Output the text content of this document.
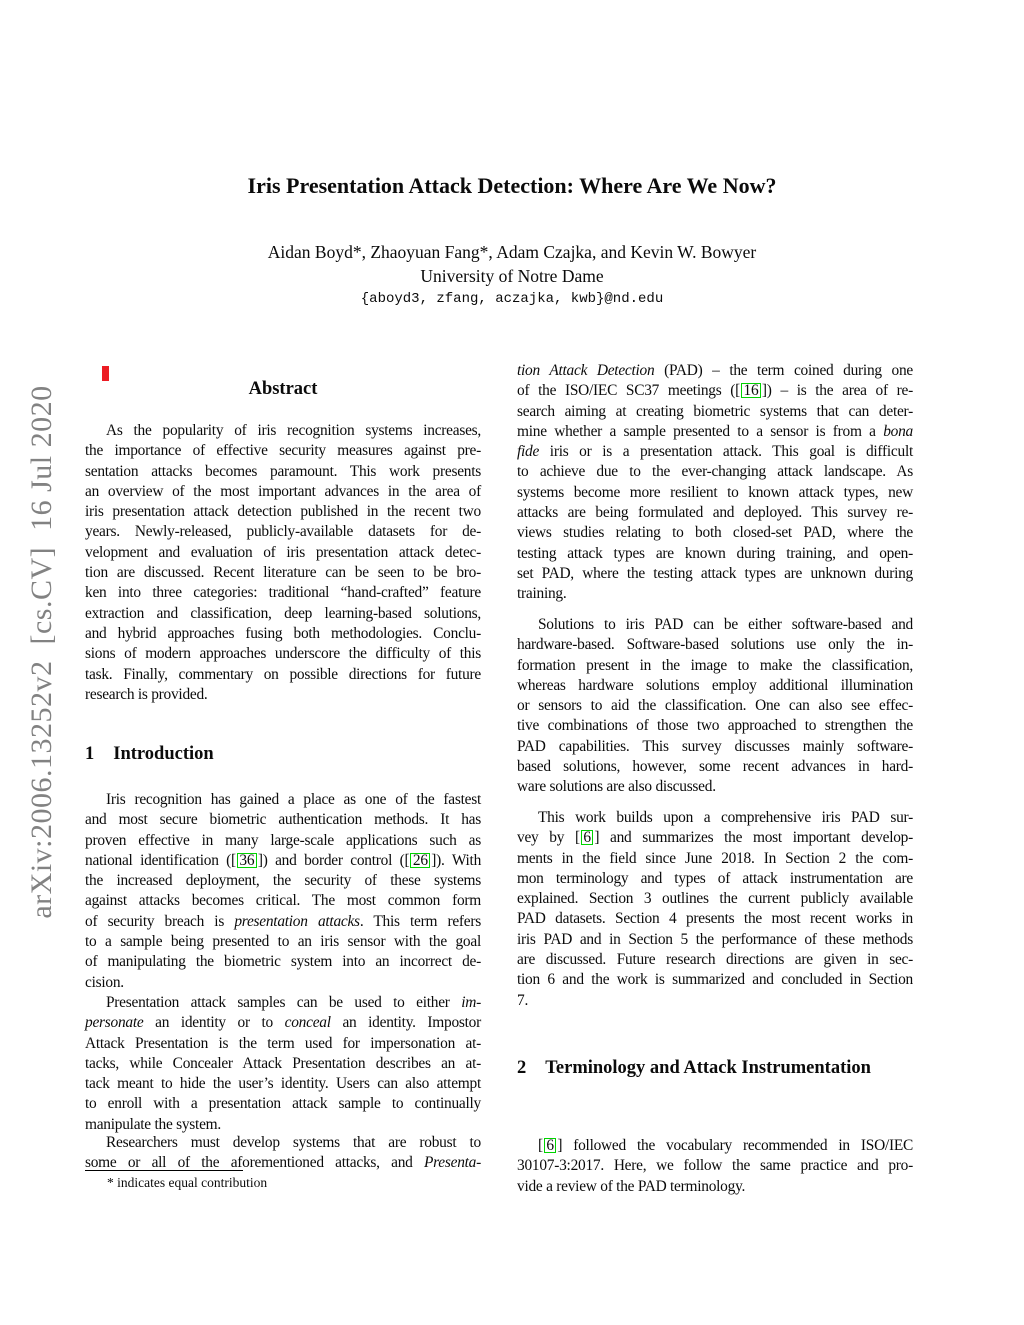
arXiv:2006.13252v2  [cs.CV]  16 Jul 2020
Iris Presentation Attack Detection: Where Are We Now?
Aidan Boyd*, Zhaoyuan Fang*, Adam Czajka, and Kevin W. Bowyer
University of Notre Dame
{aboyd3, zfang, aczajka, kwb}@nd.edu
Abstract
As the popularity of iris recognition systems increases,
the importance of effective security measures against pre-
sentation attacks becomes paramount. This work presents
an overview of the most important advances in the area of
iris presentation attack detection published in the recent two
years. Newly-released, publicly-available datasets for de-
velopment and evaluation of iris presentation attack detec-
tion are discussed. Recent literature can be seen to be bro-
ken into three categories: traditional “hand-crafted” feature
extraction and classification, deep learning-based solutions,
and hybrid approaches fusing both methodologies. Conclu-
sions of modern approaches underscore the difficulty of this
task. Finally, commentary on possible directions for future
research is provided.
1 Introduction
Iris recognition has gained a place as one of the fastest
and most secure biometric authentication methods. It has
proven effective in many large-scale applications such as
national identification ([ 36 ]) and border control ([ 26 ]). With
the increased deployment, the security of these systems
against attacks becomes critical. The most common form
of security breach is presentation attacks. This term refers
to a sample being presented to an iris sensor with the goal
of manipulating the biometric system into an incorrect de-
cision.
Presentation attack samples can be used to either im-
personate an identity or to conceal an identity. Impostor
Attack Presentation is the term used for impersonation at-
tacks, while Concealer Attack Presentation describes an at-
tack meant to hide the user’s identity. Users can also attempt
to enroll with a presentation attack sample to continually
manipulate the system.
Researchers must develop systems that are robust to
some or all of the aforementioned attacks, and Presenta-
* indicates equal contribution
tion Attack Detection (PAD) – the term coined during one
of the ISO/IEC SC37 meetings ([ 16 ]) – is the area of re-
search aiming at creating biometric systems that can deter-
mine whether a sample presented to a sensor is from a bona
fide iris or is a presentation attack. This goal is difficult
to achieve due to the ever-changing attack landscape. As
systems become more resilient to known attack types, new
attacks are being formulated and deployed. This survey re-
views studies relating to both closed-set PAD, where the
testing attack types are known during training, and open-
set PAD, where the testing attack types are unknown during
training.
Solutions to iris PAD can be either software-based and
hardware-based. Software-based solutions use only the in-
formation present in the image to make the classification,
whereas hardware solutions employ additional illumination
or sensors to aid the classification. One can also see effec-
tive combinations of those two approached to strengthen the
PAD capabilities. This survey discusses mainly software-
based solutions, however, some recent advances in hard-
ware solutions are also discussed.
This work builds upon a comprehensive iris PAD sur-
vey by [ 6 ] and summarizes the most important develop-
ments in the field since June 2018. In Section 2 the com-
mon terminology and types of attack instrumentation are
explained. Section 3 outlines the current publicly available
PAD datasets. Section 4 presents the most recent works in
iris PAD and in Section 5 the performance of these methods
are discussed. Future research directions are given in sec-
tion 6 and the work is summarized and concluded in Section
7.
2 Terminology and Attack Instrumentation
[ 6 ] followed the vocabulary recommended in ISO/IEC
30107-3:2017. Here, we follow the same practice and pro-
vide a review of the PAD terminology.
